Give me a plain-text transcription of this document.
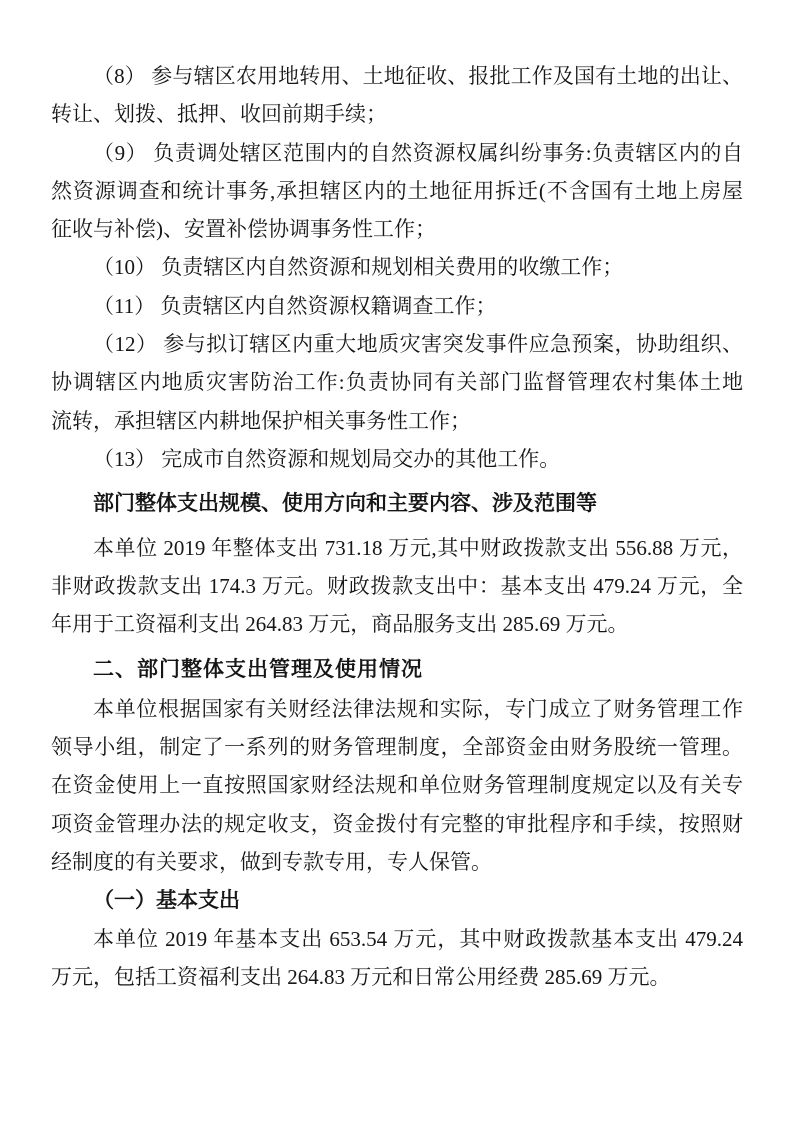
（8） 参与辖区农用地转用、土地征收、报批工作及国有土地的出让、
转让、划拨、抵押、收回前期手续；
（9） 负责调处辖区范围内的自然资源权属纠纷事务:负责辖区内的自
然资源调查和统计事务,承担辖区内的土地征用拆迁(不含国有土地上房屋
征收与补偿)、安置补偿协调事务性工作；
（10） 负责辖区内自然资源和规划相关费用的收缴工作；
（11） 负责辖区内自然资源权籍调查工作；
（12） 参与拟订辖区内重大地质灾害突发事件应急预案，协助组织、
协调辖区内地质灾害防治工作:负责协同有关部门监督管理农村集体土地
流转，承担辖区内耕地保护相关事务性工作；
（13） 完成市自然资源和规划局交办的其他工作。
部门整体支出规模、使用方向和主要内容、涉及范围等
本单位 2019 年整体支出 731.18 万元,其中财政拨款支出 556.88 万元，
非财政拨款支出 174.3 万元。财政拨款支出中：基本支出 479.24 万元，全
年用于工资福利支出 264.83 万元，商品服务支出 285.69 万元。
二、部门整体支出管理及使用情况
本单位根据国家有关财经法律法规和实际，专门成立了财务管理工作
领导小组，制定了一系列的财务管理制度，全部资金由财务股统一管理。
在资金使用上一直按照国家财经法规和单位财务管理制度规定以及有关专
项资金管理办法的规定收支，资金拨付有完整的审批程序和手续，按照财
经制度的有关要求，做到专款专用，专人保管。
（一）基本支出
本单位 2019 年基本支出 653.54 万元，其中财政拨款基本支出 479.24
万元，包括工资福利支出 264.83 万元和日常公用经费 285.69 万元。
